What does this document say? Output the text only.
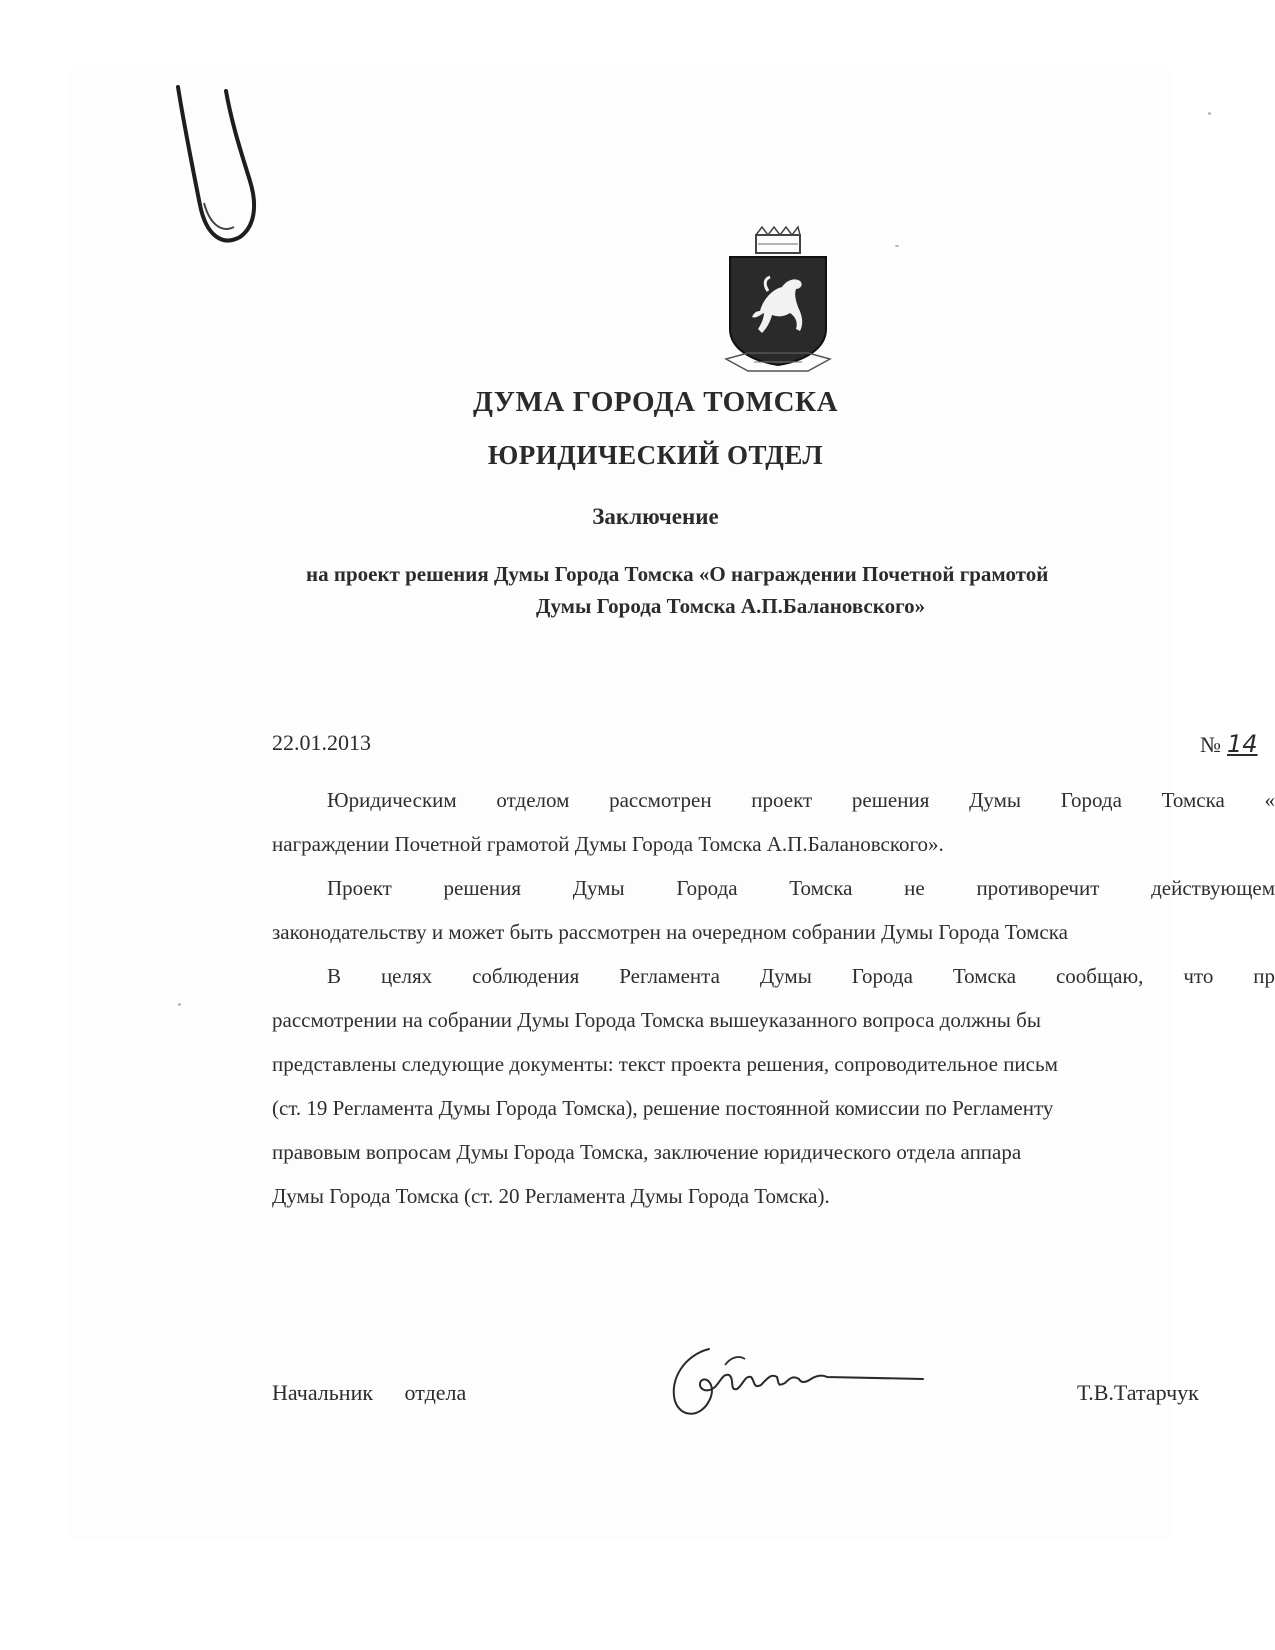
ДУМА ГОРОДА ТОМСКА

ЮРИДИЧЕСКИЙ ОТДЕЛ

Заключение

на проект решения Думы Города Томска «О награждении Почетной грамотой

Думы Города Томска А.П.Балановского»

22.01.2013	№ 14

Юридическим отделом рассмотрен проект решения Думы Города Томска «

награждении Почетной грамотой Думы Города Томска А.П.Балановского».

Проект решения Думы Города Томска не противоречит действующем

законодательству и может быть рассмотрен на очередном собрании Думы Города Томска

В целях соблюдения Регламента Думы Города Томска сообщаю, что пр

рассмотрении на собрании Думы Города Томска вышеуказанного вопроса должны бы

представлены следующие документы: текст проекта решения, сопроводительное письм

(ст. 19 Регламента Думы Города Томска), решение постоянной комиссии по Регламенту

правовым вопросам Думы Города Томска, заключение юридического отдела аппара

Думы Города Томска (ст. 20 Регламента Думы Города Томска).

Начальник отдела	Т.В.Татарчук
